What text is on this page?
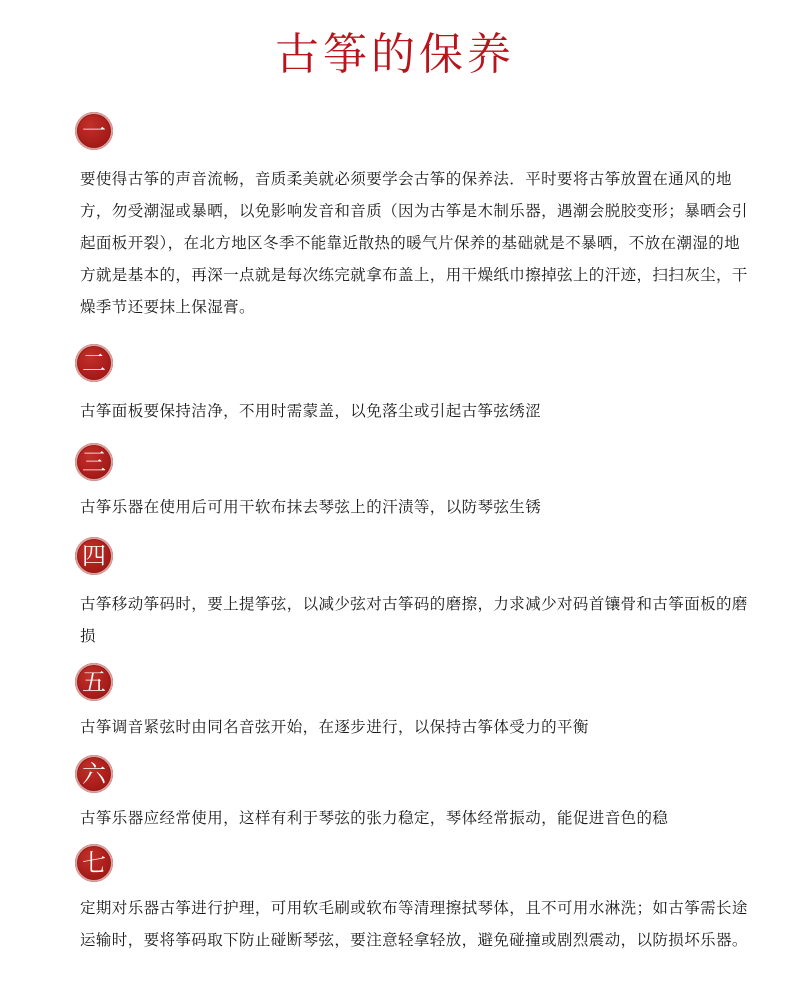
古筝的保养
一
要使得古筝的声音流畅，音质柔美就必须要学会古筝的保养法．平时要将古筝放置在通风的地方，勿受潮湿或暴晒，以免影响发音和音质（因为古筝是木制乐器，遇潮会脱胶变形；暴晒会引起面板开裂），在北方地区冬季不能靠近散热的暖气片保养的基础就是不暴晒，不放在潮湿的地方就是基本的，再深一点就是每次练完就拿布盖上，用干燥纸巾擦掉弦上的汗迹，扫扫灰尘，干燥季节还要抹上保湿膏。
二
古筝面板要保持洁净，不用时需蒙盖，以免落尘或引起古筝弦绣涩
三
古筝乐器在使用后可用干软布抹去琴弦上的汗渍等，以防琴弦生锈
四
古筝移动筝码时，要上提筝弦，以减少弦对古筝码的磨擦，力求减少对码首镶骨和古筝面板的磨损
五
古筝调音紧弦时由同名音弦开始，在逐步进行，以保持古筝体受力的平衡
六
古筝乐器应经常使用，这样有利于琴弦的张力稳定，琴体经常振动，能促进音色的稳
七
定期对乐器古筝进行护理，可用软毛刷或软布等清理擦拭琴体，且不可用水淋洗；如古筝需长途运输时，要将筝码取下防止碰断琴弦，要注意轻拿轻放，避免碰撞或剧烈震动，以防损坏乐器。
